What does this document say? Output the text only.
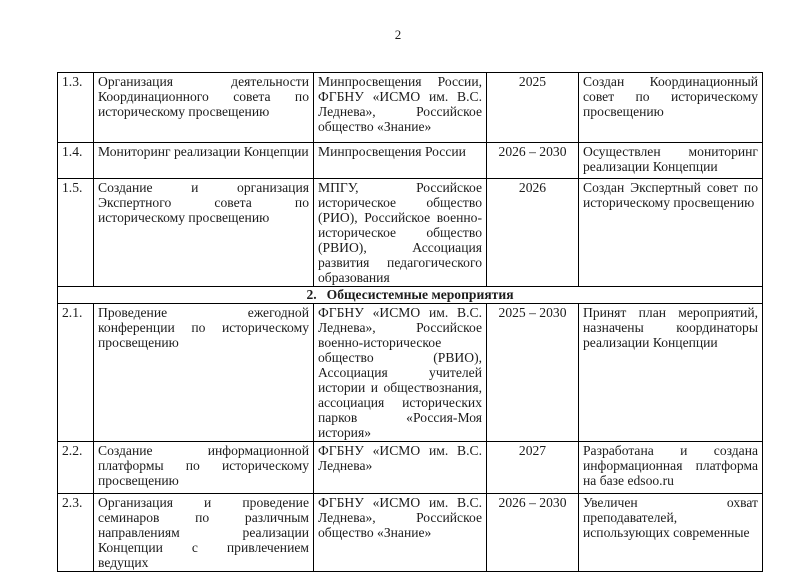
2
1.3.	Организация деятельности Координационного совета по историческому просвещению	Минпросвещения России, ФГБНУ «ИСМО им. В.С. Леднева», Российское общество «Знание»	2025	Создан Координационный совет по историческому просвещению
1.4.	Мониторинг реализации Концепции	Минпросвещения России	2026 – 2030	Осуществлен мониторинг реализации Концепции
1.5.	Создание и организация Экспертного совета по историческому просвещению	МПГУ, Российское историческое общество (РИО), Российское военно-историческое общество (РВИО), Ассоциация развития педагогического образования	2026	Создан Экспертный совет по историческому просвещению
2. Общесистемные мероприятия				
2.1.	Проведение ежегодной конференции по историческому просвещению	ФГБНУ «ИСМО им. В.С. Леднева», Российское военно-историческое общество (РВИО), Ассоциация учителей истории и обществознания, ассоциация исторических парков «Россия-Моя история»	2025 – 2030	Принят план мероприятий, назначены координаторы реализации Концепции
2.2.	Создание информационной платформы по историческому просвещению	ФГБНУ «ИСМО им. В.С. Леднева»	2027	Разработана и создана информационная платформа на базе edsoo.ru
2.3.	Организация и проведение семинаров по различным направлениям реализации Концепции с привлечением ведущих	ФГБНУ «ИСМО им. В.С. Леднева», Российское общество «Знание»	2026 – 2030	Увеличен охват преподавателей, использующих современные
